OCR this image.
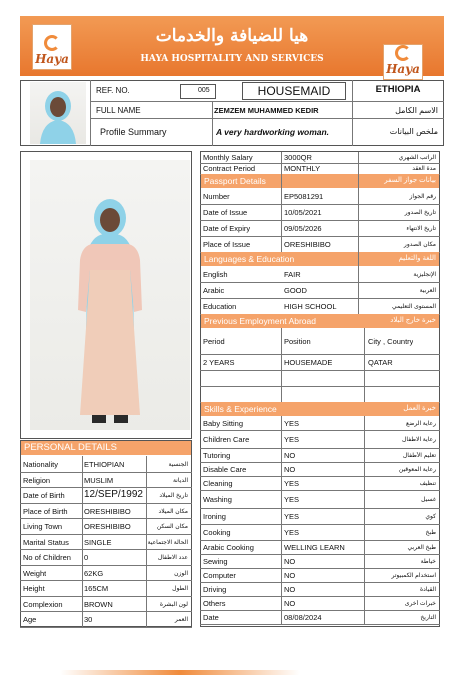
هيا للضيافة والخدمات
HAYA HOSPITALITY AND SERVICES
Haya
Haya
REF. NO.	005	HOUSEMAID	ETHIOPIA
FULL NAME	ZEMZEM MUHAMMED KEDIR	الاسم الكامل
Profile Summary	A very hardworking woman.	ملخص البيانات
PERSONAL DETAILS
Nationality	ETHIOPIAN	الجنسية
Religion	MUSLIM	الديانة
Date of Birth 12/SEP/1992	تاريخ الميلاد
Place of Birth ORESHIBIBO	مكان الميلاد
Living Town	ORESHIBIBO	مكان السكن
Marital Status SINGLE	الحالة الاجتماعية
No of Children 0	عدد الاطفال
Weight	62KG	الوزن
Height	165CM	الطول
Complexion	BROWN	لون البشرة
Age	30	العمر
Monthly Salary	3000QR	الراتب الشهري
Contract Period	MONTHLY	مدة العقد
Passport Details	بيانات جواز السفر
Number	EP5081291	رقم الجواز
Date of Issue	10/05/2021	تاريخ الصدور
Date of Expiry	09/05/2026	تاريخ الانتهاء
Place of Issue	ORESHIBIBO	مكان الصدور
Languages & Education	اللغة والتعليم
English	FAIR	الإنجليزية
Arabic	GOOD	العربية
Education	HIGH SCHOOL	المستوى التعليمي
Previous Employment Abroad	خبرة خارج البلاد
Period	Position	City , Country
2 YEARS	HOUSEMADE	QATAR
Skills & Experience	خبرة العمل
Baby Sitting	YES	رعاية الرضع
Children Care	YES	رعاية الاطفال
Tutoring	NO	تعليم الأطفال
Disable Care	NO	رعاية المعوقين
Cleaning	YES	تنظيف
Washing	YES	غسيل
Ironing	YES	كوي
Cooking	YES	طبخ
Arabic Cooking	WELLING LEARN	طبخ العربي
Sewing	NO	خياطة
Computer	NO	استخدام الكمبيوتر
Driving	NO	القيادة
Others	NO	خبرات أخرى
Date	08/08/2024	التاريخ
